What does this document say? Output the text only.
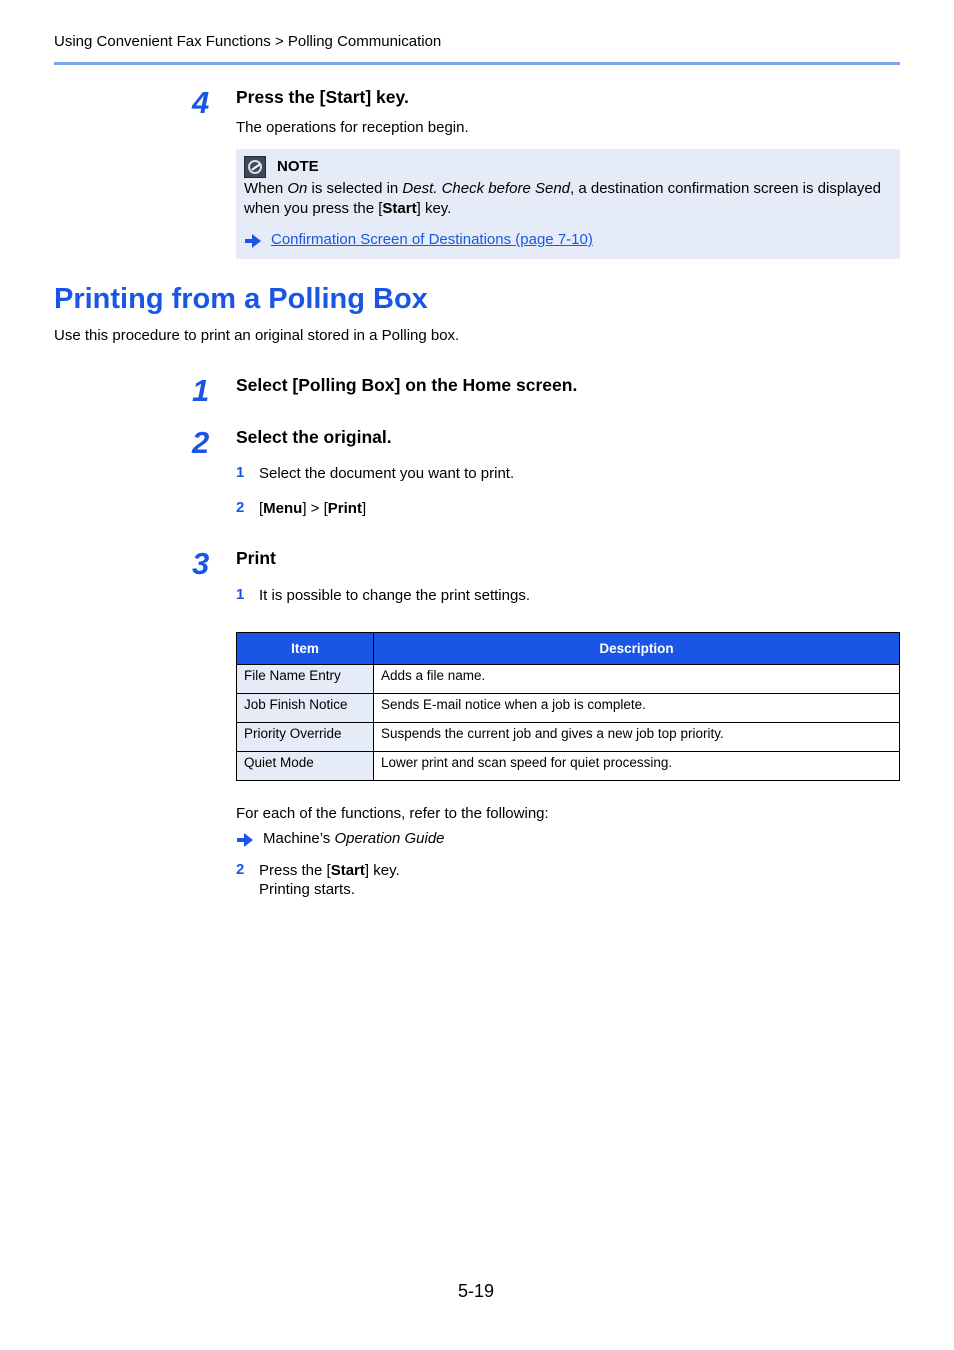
Using Convenient Fax Functions > Polling Communication
4 Press the [Start] key.
The operations for reception begin.
NOTE
When On is selected in Dest. Check before Send, a destination confirmation screen is displayed when you press the [Start] key.
Confirmation Screen of Destinations (page 7-10)
Printing from a Polling Box
Use this procedure to print an original stored in a Polling box.
1 Select [Polling Box] on the Home screen.
2 Select the original.
1 Select the document you want to print.
2 [Menu] > [Print]
3 Print
1 It is possible to change the print settings.
Item	Description
File Name Entry	Adds a file name.
Job Finish Notice	Sends E-mail notice when a job is complete.
Priority Override	Suspends the current job and gives a new job top priority.
Quiet Mode	Lower print and scan speed for quiet processing.
For each of the functions, refer to the following:
Machine’s Operation Guide
2 Press the [Start] key.
Printing starts.
5-19
